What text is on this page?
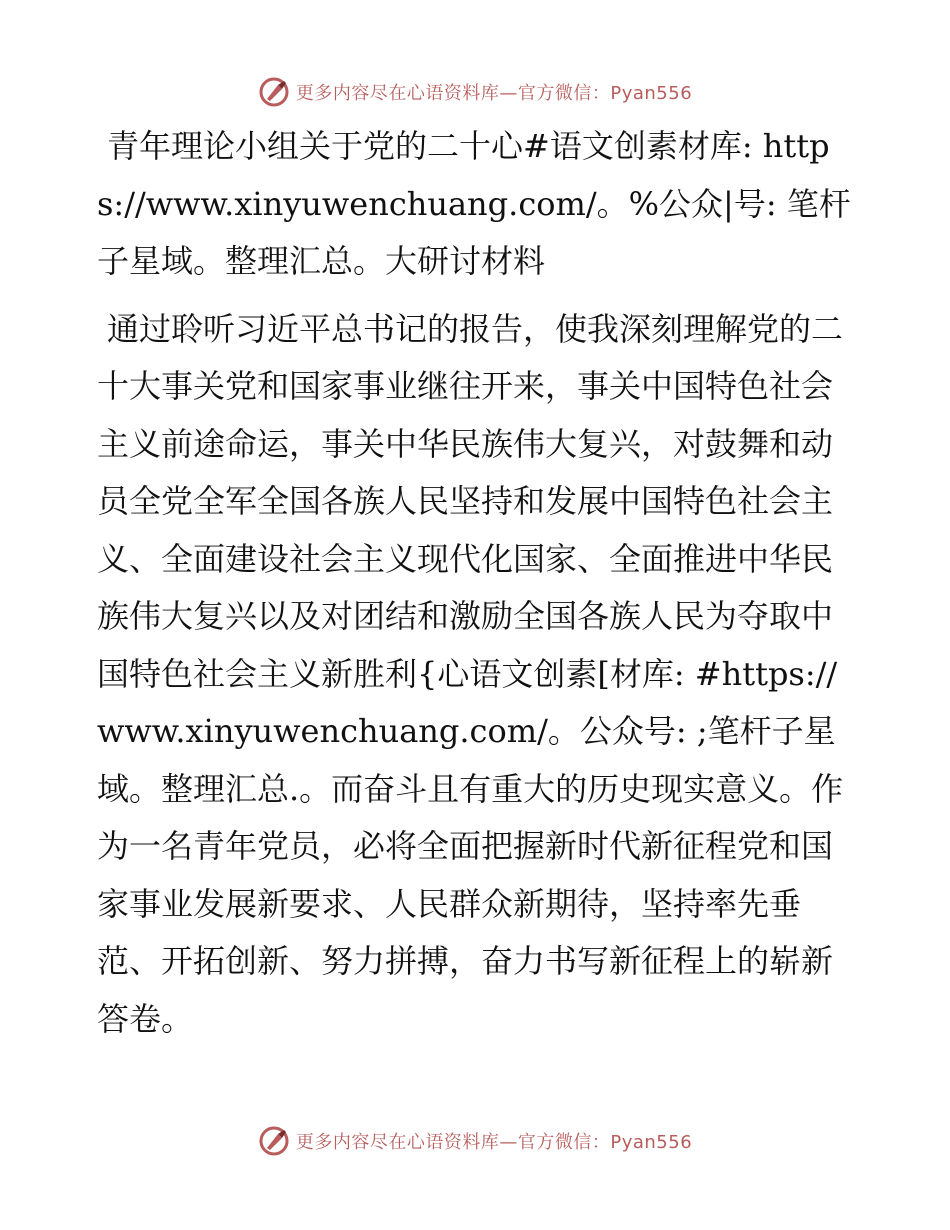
更多内容尽在心语资料库—官方微信：Pyan556

青年理论小组关于党的二十心#语文创素材库: https://www.xinyuwenchuang.com/。%公众|号: 笔杆子星域。整理汇总。大研讨材料

通过聆听习近平总书记的报告，使我深刻理解党的二十大事关党和国家事业继往开来，事关中国特色社会主义前途命运，事关中华民族伟大复兴，对鼓舞和动员全党全军全国各族人民坚持和发展中国特色社会主义、全面建设社会主义现代化国家、全面推进中华民族伟大复兴以及对团结和激励全国各族人民为夺取中国特色社会主义新胜利{心语文创素[材库: #https://www.xinyuwenchuang.com/。公众号: ;笔杆子星域。整理汇总.。而奋斗且有重大的历史现实意义。作为一名青年党员，必将全面把握新时代新征程党和国家事业发展新要求、人民群众新期待，坚持率先垂范、开拓创新、努力拼搏，奋力书写新征程上的崭新答卷。

更多内容尽在心语资料库—官方微信：Pyan556
